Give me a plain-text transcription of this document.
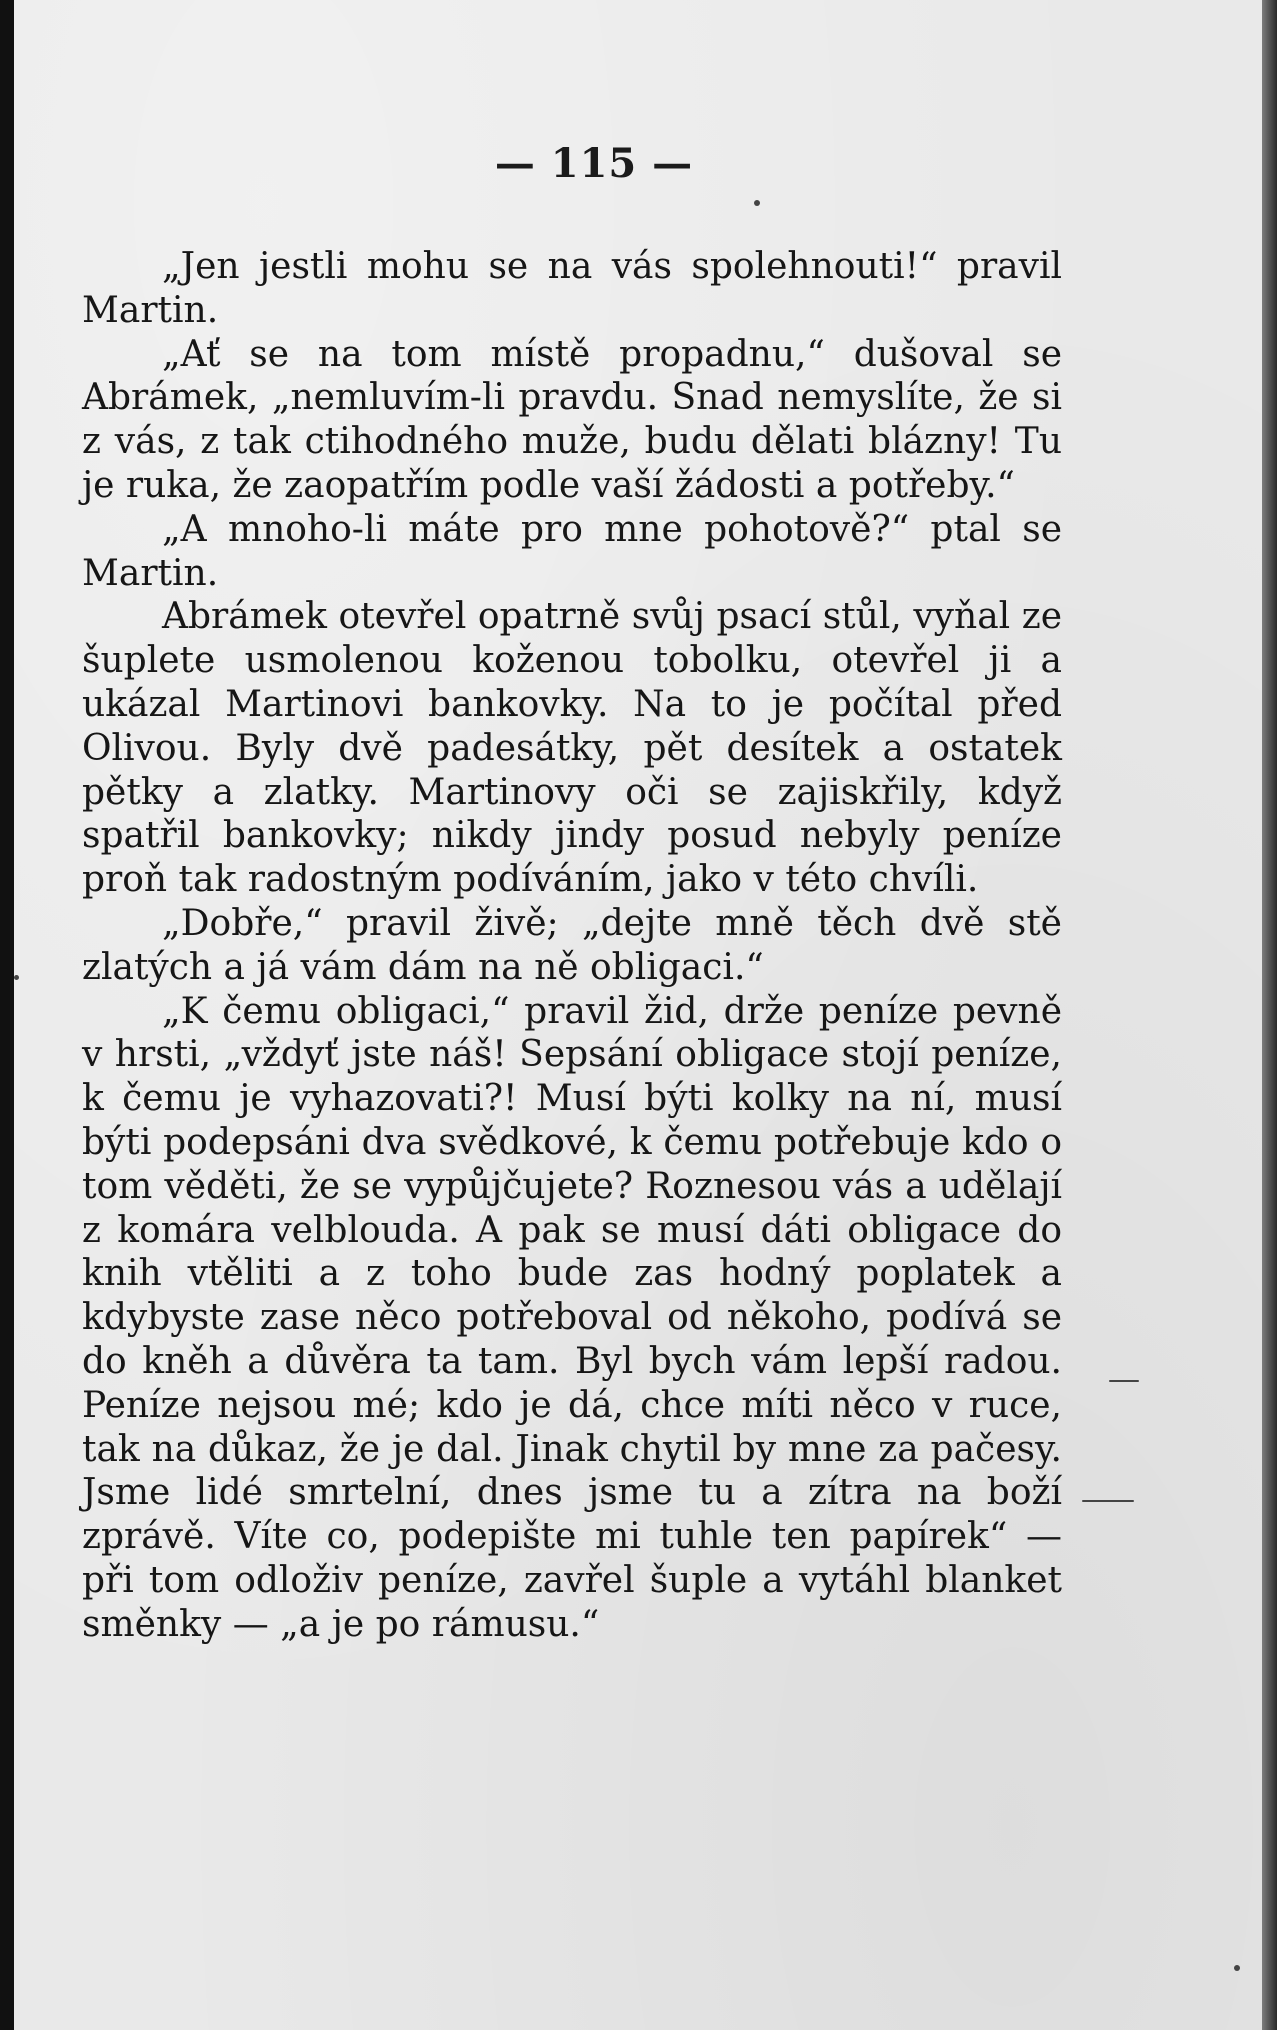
— 115 —

„Jen jestli mohu se na vás spolehnouti!“ pravil Martin.

„Ať se na tom místě propadnu,“ dušoval se Abrámek, „nemluvím-li pravdu. Snad nemyslíte, že si z vás, z tak ctihodného muže, budu dělati blázny! Tu je ruka, že zaopatřím podle vaší žádosti a potřeby.“

„A mnoho-li máte pro mne pohotově?“ ptal se Martin.

Abrámek otevřel opatrně svůj psací stůl, vyňal ze šuplete usmolenou koženou tobolku, otevřel ji a ukázal Martinovi bankovky. Na to je počítal před Olivou. Byly dvě padesátky, pět desítek a ostatek pětky a zlatky. Martinovy oči se zajiskřily, když spatřil bankovky; nikdy jindy posud nebyly peníze proň tak radostným podíváním, jako v této chvíli.

„Dobře,“ pravil živě; „dejte mně těch dvě stě zlatých a já vám dám na ně obligaci.“

„K čemu obligaci,“ pravil žid, drže peníze pevně v hrsti, „vždyť jste náš! Sepsání obligace stojí peníze, k čemu je vyhazovati?! Musí býti kolky na ní, musí býti podepsáni dva svědkové, k čemu potřebuje kdo o tom věděti, že se vypůjčujete? Roznesou vás a udělají z komára velblouda. A pak se musí dáti obligace do knih vtěliti a z toho bude zas hodný poplatek a kdybyste zase něco potřeboval od někoho, podívá se do kněh a důvěra ta tam. Byl bych vám lepší radou. Peníze nejsou mé; kdo je dá, chce míti něco v ruce, tak na důkaz, že je dal. Jinak chytil by mne za pačesy. Jsme lidé smrtelní, dnes jsme tu a zítra na boží zprávě. Víte co, podepište mi tuhle ten papírek“ — při tom odloživ peníze, zavřel šuple a vytáhl blanket směnky — „a je po rámusu.“
